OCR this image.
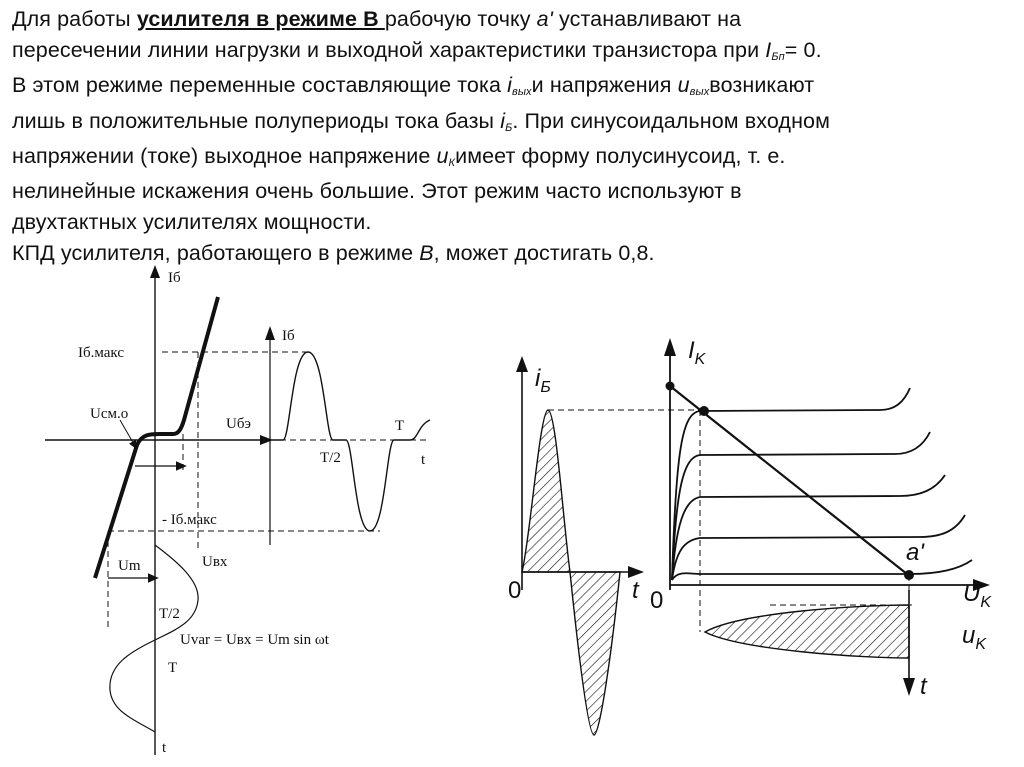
Для работы усилителя в режиме В рабочую точку a' устанавливают на
пересечении линии нагрузки и выходной характеристики транзистора при IБп= 0.
В этом режиме переменные составляющие тока iвыхи напряжения uвыхвозникают
лишь в положительные полупериоды тока базы iБ. При синусоидальном входном
напряжении (токе) выходное напряжение uКимеет форму полусинусоид, т. е.
нелинейные искажения очень большие. Этот режим часто используют в
двухтактных усилителях мощности.
КПД усилителя, работающего в режиме В, может достигать 0,8.
Iб
Iб.макс
Uсм.о
Uбэ
Iб
T
T/2	t
- Iб.макс
Um	Uвх
T/2
Uvar = Uвх = Um sin ωt
T
t
$i_Б$
0	t
$I_K$
0
a'
$U_K$
$u_K$
t
